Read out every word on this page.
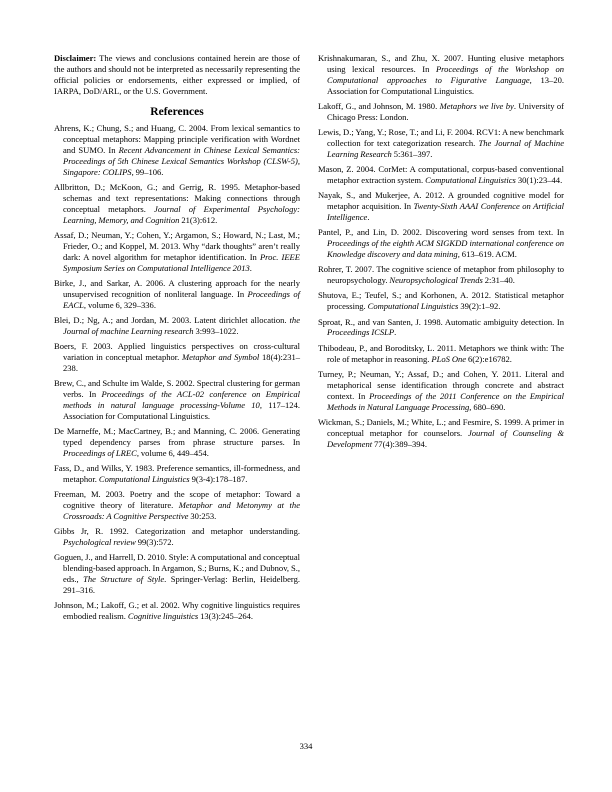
Disclaimer: The views and conclusions contained herein are those of the authors and should not be interpreted as necessarily representing the official policies or endorsements, either expressed or implied, of IARPA, DoD/ARL, or the U.S. Government.

References

Ahrens, K.; Chung, S.; and Huang, C. 2004. From lexical semantics to conceptual metaphors: Mapping principle verification with Wordnet and SUMO. In Recent Advancement in Chinese Lexical Semantics: Proceedings of 5th Chinese Lexical Semantics Workshop (CLSW-5), Singapore: COLIPS, 99–106.

Allbritton, D.; McKoon, G.; and Gerrig, R. 1995. Metaphor-based schemas and text representations: Making connections through conceptual metaphors. Journal of Experimental Psychology: Learning, Memory, and Cognition 21(3):612.

Assaf, D.; Neuman, Y.; Cohen, Y.; Argamon, S.; Howard, N.; Last, M.; Frieder, O.; and Koppel, M. 2013. Why “dark thoughts” aren’t really dark: A novel algorithm for metaphor identification. In Proc. IEEE Symposium Series on Computational Intelligence 2013.

Birke, J., and Sarkar, A. 2006. A clustering approach for the nearly unsupervised recognition of nonliteral language. In Proceedings of EACL, volume 6, 329–336.

Blei, D.; Ng, A.; and Jordan, M. 2003. Latent dirichlet allocation. the Journal of machine Learning research 3:993–1022.

Boers, F. 2003. Applied linguistics perspectives on cross-cultural variation in conceptual metaphor. Metaphor and Symbol 18(4):231–238.

Brew, C., and Schulte im Walde, S. 2002. Spectral clustering for german verbs. In Proceedings of the ACL-02 conference on Empirical methods in natural language processing-Volume 10, 117–124. Association for Computational Linguistics.

De Marneffe, M.; MacCartney, B.; and Manning, C. 2006. Generating typed dependency parses from phrase structure parses. In Proceedings of LREC, volume 6, 449–454.

Fass, D., and Wilks, Y. 1983. Preference semantics, ill-formedness, and metaphor. Computational Linguistics 9(3-4):178–187.

Freeman, M. 2003. Poetry and the scope of metaphor: Toward a cognitive theory of literature. Metaphor and Metonymy at the Crossroads: A Cognitive Perspective 30:253.

Gibbs Jr, R. 1992. Categorization and metaphor understanding. Psychological review 99(3):572.

Goguen, J., and Harrell, D. 2010. Style: A computational and conceptual blending-based approach. In Argamon, S.; Burns, K.; and Dubnov, S., eds., The Structure of Style. Springer-Verlag: Berlin, Heidelberg. 291–316.

Johnson, M.; Lakoff, G.; et al. 2002. Why cognitive linguistics requires embodied realism. Cognitive linguistics 13(3):245–264.

Krishnakumaran, S., and Zhu, X. 2007. Hunting elusive metaphors using lexical resources. In Proceedings of the Workshop on Computational approaches to Figurative Language, 13–20. Association for Computational Linguistics.

Lakoff, G., and Johnson, M. 1980. Metaphors we live by. University of Chicago Press: London.

Lewis, D.; Yang, Y.; Rose, T.; and Li, F. 2004. RCV1: A new benchmark collection for text categorization research. The Journal of Machine Learning Research 5:361–397.

Mason, Z. 2004. CorMet: A computational, corpus-based conventional metaphor extraction system. Computational Linguistics 30(1):23–44.

Nayak, S., and Mukerjee, A. 2012. A grounded cognitive model for metaphor acquisition. In Twenty-Sixth AAAI Conference on Artificial Intelligence.

Pantel, P., and Lin, D. 2002. Discovering word senses from text. In Proceedings of the eighth ACM SIGKDD international conference on Knowledge discovery and data mining, 613–619. ACM.

Rohrer, T. 2007. The cognitive science of metaphor from philosophy to neuropsychology. Neuropsychological Trends 2:31–40.

Shutova, E.; Teufel, S.; and Korhonen, A. 2012. Statistical metaphor processing. Computational Linguistics 39(2):1–92.

Sproat, R., and van Santen, J. 1998. Automatic ambiguity detection. In Proceedings ICSLP.

Thibodeau, P., and Boroditsky, L. 2011. Metaphors we think with: The role of metaphor in reasoning. PLoS One 6(2):e16782.

Turney, P.; Neuman, Y.; Assaf, D.; and Cohen, Y. 2011. Literal and metaphorical sense identification through concrete and abstract context. In Proceedings of the 2011 Conference on the Empirical Methods in Natural Language Processing, 680–690.

Wickman, S.; Daniels, M.; White, L.; and Fesmire, S. 1999. A primer in conceptual metaphor for counselors. Journal of Counseling & Development 77(4):389–394.

334
